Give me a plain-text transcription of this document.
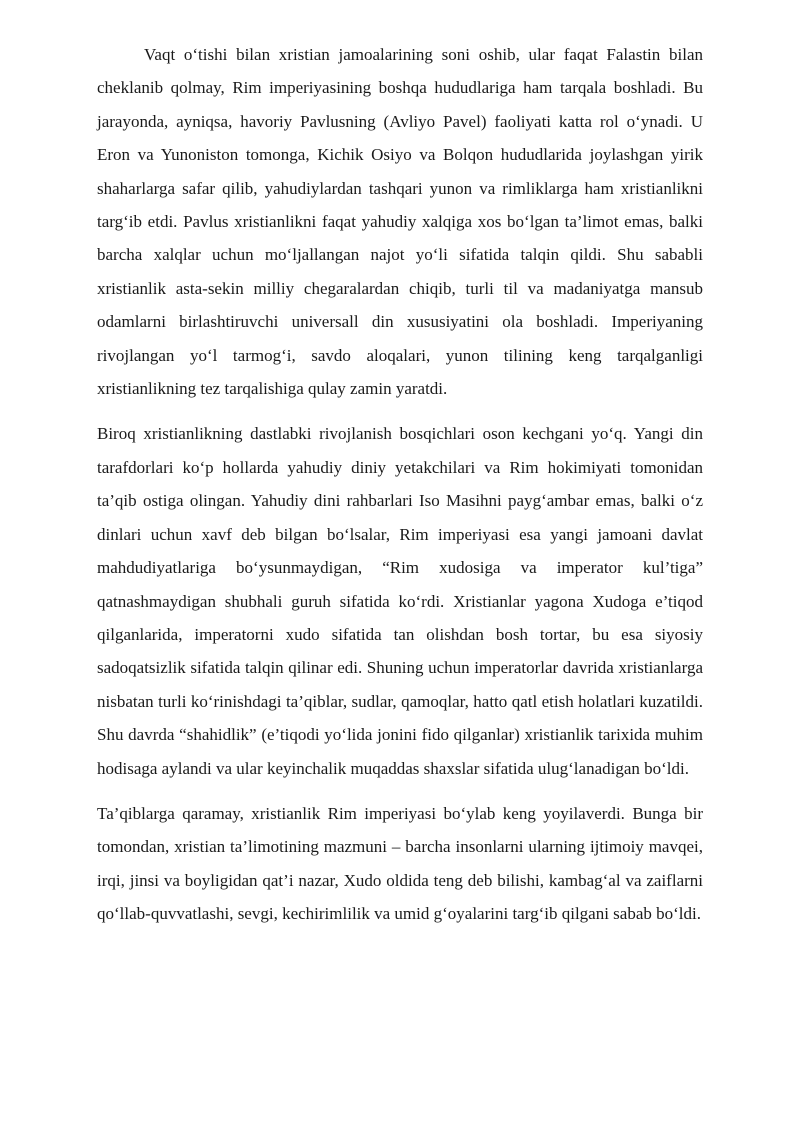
Vaqt o‘tishi bilan xristian jamoalarining soni oshib, ular faqat Falastin bilan cheklanib qolmay, Rim imperiyasining boshqa hududlariga ham tarqala boshladi. Bu jarayonda, ayniqsa, havoriy Pavlusning (Avliyo Pavel) faoliyati katta rol o‘ynadi. U Eron va Yunoniston tomonga, Kichik Osiyo va Bolqon hududlarida joylashgan yirik shaharlarga safar qilib, yahudiylardan tashqari yunon va rimliklarga ham xristianlikni targ‘ib etdi. Pavlus xristianlikni faqat yahudiy xalqiga xos bo‘lgan ta’limot emas, balki barcha xalqlar uchun mo‘ljallangan najot yo‘li sifatida talqin qildi. Shu sababli xristianlik asta-sekin milliy chegaralardan chiqib, turli til va madaniyatga mansub odamlarni birlashtiruvchi universall din xususiyatini ola boshladi. Imperiyaning rivojlangan yo‘l tarmog‘i, savdo aloqalari, yunon tilining keng tarqalganligi xristianlikning tez tarqalishiga qulay zamin yaratdi.

Biroq xristianlikning dastlabki rivojlanish bosqichlari oson kechgani yo‘q. Yangi din tarafdorlari ko‘p hollarda yahudiy diniy yetakchilari va Rim hokimiyati tomonidan ta’qib ostiga olingan. Yahudiy dini rahbarlari Iso Masihni payg‘ambar emas, balki o‘z dinlari uchun xavf deb bilgan bo‘lsalar, Rim imperiyasi esa yangi jamoani davlat mahdudiyatlariga bo‘ysunmaydigan, “Rim xudosiga va imperator kul’tiga” qatnashmaydigan shubhali guruh sifatida ko‘rdi. Xristianlar yagona Xudoga e’tiqod qilganlarida, imperatorni xudo sifatida tan olishdan bosh tortar, bu esa siyosiy sadoqatsizlik sifatida talqin qilinar edi. Shuning uchun imperatorlar davrida xristianlarga nisbatan turli ko‘rinishdagi ta’qiblar, sudlar, qamoqlar, hatto qatl etish holatlari kuzatildi. Shu davrda “shahidlik” (e’tiqodi yo‘lida jonini fido qilganlar) xristianlik tarixida muhim hodisaga aylandi va ular keyinchalik muqaddas shaxslar sifatida ulug‘lanadigan bo‘ldi.

Ta’qiblarga qaramay, xristianlik Rim imperiyasi bo‘ylab keng yoyilaverdi. Bunga bir tomondan, xristian ta’limotining mazmuni – barcha insonlarni ularning ijtimoiy mavqei, irqi, jinsi va boyligidan qat’i nazar, Xudo oldida teng deb bilishi, kambag‘al va zaiflarni qo‘llab-quvvatlashi, sevgi, kechirimlilik va umid g‘oyalarini targ‘ib qilgani sabab bo‘ldi.
